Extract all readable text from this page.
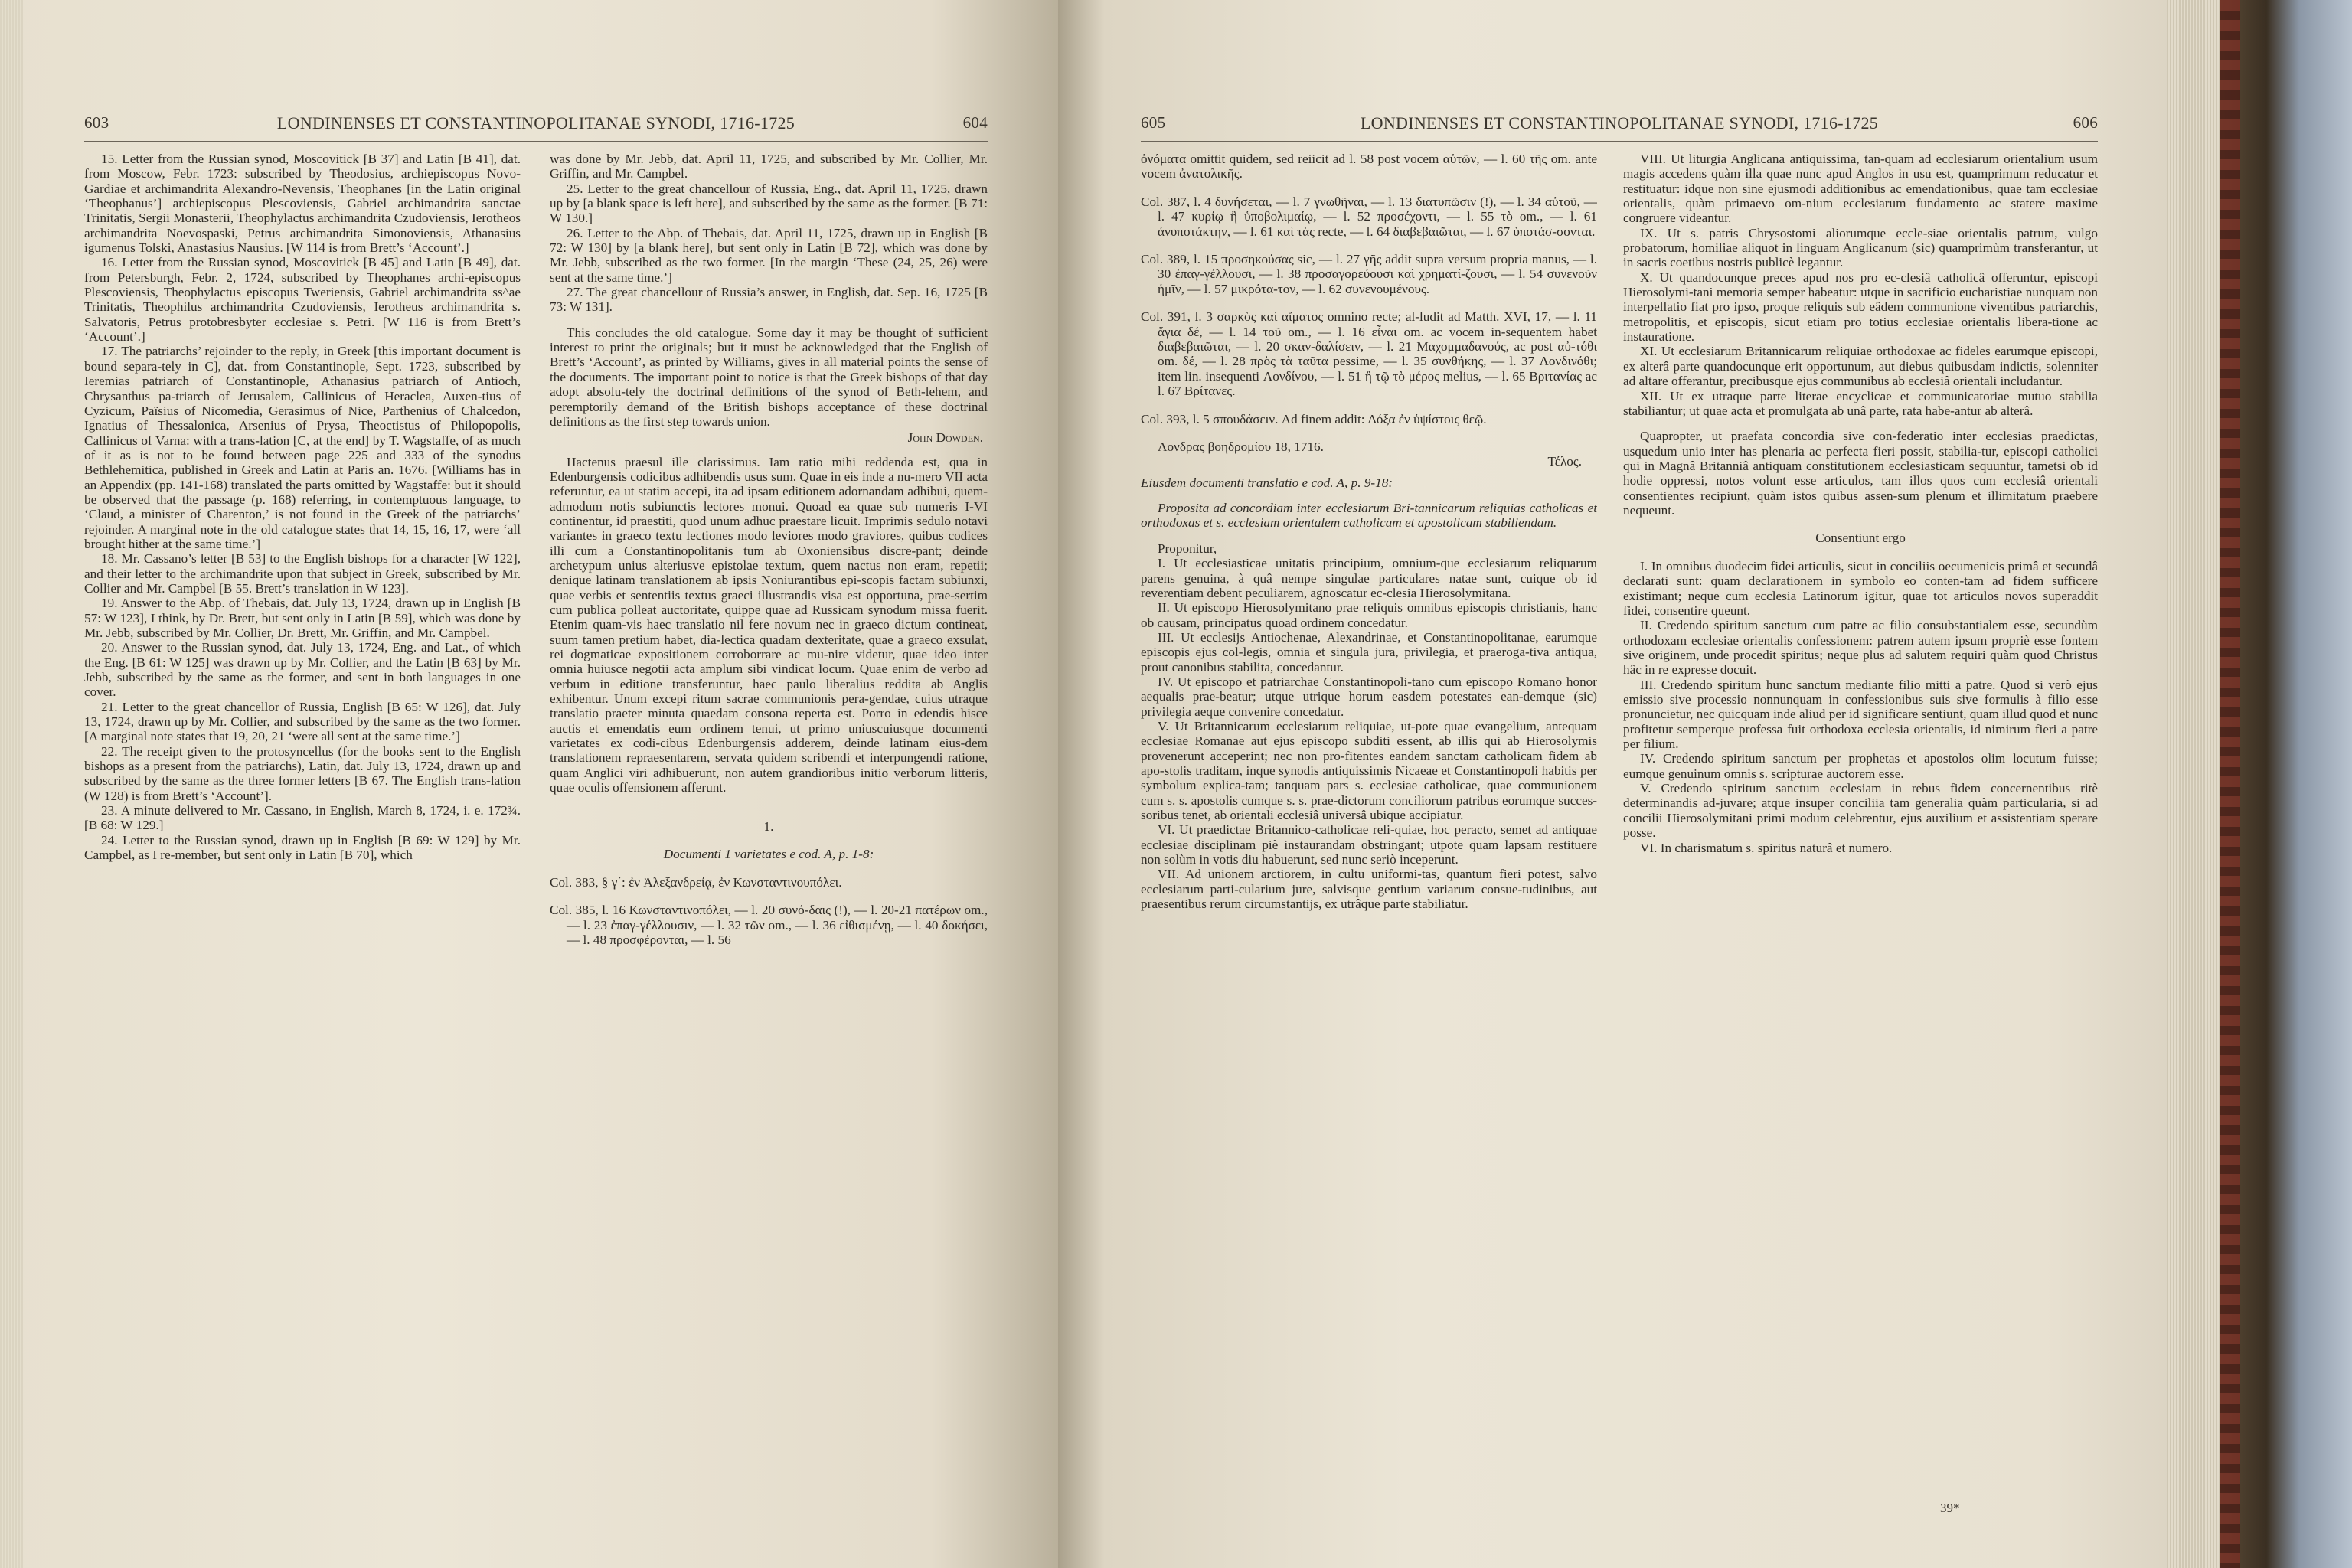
603	LONDINENSES ET CONSTANTINOPOLITANAE SYNODI, 1716-1725	604

15. Letter from the Russian synod, Moscovitick [B 37] and Latin [B 41], dat. from Moscow, Febr. 1723: subscribed by Theodosius, archiepiscopus Novo-Gardiae et archimandrita Alexandro-Nevensis, Theophanes [in the Latin original ‘Theophanus’] archiepiscopus Plescoviensis, Gabriel archimandrita sanctae Trinitatis, Sergii Monasterii, Theophylactus archimandrita Czudoviensis, Ierotheos archimandrita Noevospaski, Petrus archimandrita Simonoviensis, Athanasius igumenus Tolski, Anastasius Nausius. [W 114 is from Brett’s ‘Account’.]

16. Letter from the Russian synod, Moscovitick [B 45] and Latin [B 49], dat. from Petersburgh, Febr. 2, 1724, subscribed by Theophanes archi-episcopus Plescoviensis, Theophylactus episcopus Tweriensis, Gabriel archimandrita ss^ae Trinitatis, Theophilus archimandrita Czudoviensis, Ierotheus archimandrita s. Salvatoris, Petrus protobresbyter ecclesiae s. Petri. [W 116 is from Brett’s ‘Account’.]

17. The patriarchs’ rejoinder to the reply, in Greek [this important document is bound separa-tely in C], dat. from Constantinople, Sept. 1723, subscribed by Ieremias patriarch of Constantinople, Athanasius patriarch of Antioch, Chrysanthus pa-triarch of Jerusalem, Callinicus of Heraclea, Auxen-tius of Cyzicum, Païsius of Nicomedia, Gerasimus of Nice, Parthenius of Chalcedon, Ignatius of Thessalonica, Arsenius of Prysa, Theoctistus of Philopopolis, Callinicus of Varna: with a trans-lation [C, at the end] by T. Wagstaffe, of as much of it as is not to be found between page 225 and 333 of the synodus Bethlehemitica, published in Greek and Latin at Paris an. 1676. [Williams has in an Appendix (pp. 141-168) translated the parts omitted by Wagstaffe: but it should be observed that the passage (p. 168) referring, in contemptuous language, to ‘Claud, a minister of Charenton,’ is not found in the Greek of the patriarchs’ rejoinder. A marginal note in the old catalogue states that 14, 15, 16, 17, were ‘all brought hither at the same time.’]

18. Mr. Cassano’s letter [B 53] to the English bishops for a character [W 122], and their letter to the archimandrite upon that subject in Greek, subscribed by Mr. Collier and Mr. Campbel [B 55. Brett’s translation in W 123].

19. Answer to the Abp. of Thebais, dat. July 13, 1724, drawn up in English [B 57: W 123], I think, by Dr. Brett, but sent only in Latin [B 59], which was done by Mr. Jebb, subscribed by Mr. Collier, Dr. Brett, Mr. Griffin, and Mr. Campbel.

20. Answer to the Russian synod, dat. July 13, 1724, Eng. and Lat., of which the Eng. [B 61: W 125] was drawn up by Mr. Collier, and the Latin [B 63] by Mr. Jebb, subscribed by the same as the former, and sent in both languages in one cover.

21. Letter to the great chancellor of Russia, English [B 65: W 126], dat. July 13, 1724, drawn up by Mr. Collier, and subscribed by the same as the two former. [A marginal note states that 19, 20, 21 ‘were all sent at the same time.’]

22. The receipt given to the protosyncellus (for the books sent to the English bishops as a present from the patriarchs), Latin, dat. July 13, 1724, drawn up and subscribed by the same as the three former letters [B 67. The English trans-lation (W 128) is from Brett’s ‘Account’].

23. A minute delivered to Mr. Cassano, in English, March 8, 1724, i. e. 172¾. [B 68: W 129.]

24. Letter to the Russian synod, drawn up in English [B 69: W 129] by Mr. Campbel, as I re-member, but sent only in Latin [B 70], which

was done by Mr. Jebb, dat. April 11, 1725, and subscribed by Mr. Collier, Mr. Griffin, and Mr. Campbel.

25. Letter to the great chancellour of Russia, Eng., dat. April 11, 1725, drawn up by [a blank space is left here], and subscribed by the same as the former. [B 71: W 130.]

26. Letter to the Abp. of Thebais, dat. April 11, 1725, drawn up in English [B 72: W 130] by [a blank here], but sent only in Latin [B 72], which was done by Mr. Jebb, subscribed as the two former. [In the margin ‘These (24, 25, 26) were sent at the same time.’]

27. The great chancellour of Russia’s answer, in English, dat. Sep. 16, 1725 [B 73: W 131].

This concludes the old catalogue. Some day it may be thought of sufficient interest to print the originals; but it must be acknowledged that the English of Brett’s ‘Account’, as printed by Williams, gives in all material points the sense of the documents. The important point to notice is that the Greek bishops of that day adopt absolu-tely the doctrinal definitions of the synod of Beth-lehem, and peremptorily demand of the British bishops acceptance of these doctrinal definitions as the first step towards union.

John Dowden.

Hactenus praesul ille clarissimus. Iam ratio mihi reddenda est, qua in Edenburgensis codicibus adhibendis usus sum. Quae in eis inde a nu-mero VII acta referuntur, ea ut statim accepi, ita ad ipsam editionem adornandam adhibui, quem-admodum notis subiunctis lectores monui. Quoad ea quae sub numeris I-VI continentur, id praestiti, quod unum adhuc praestare licuit. Imprimis sedulo notavi variantes in graeco textu lectiones modo leviores modo graviores, quibus codices illi cum a Constantinopolitanis tum ab Oxoniensibus discre-pant; deinde archetypum unius alteriusve epistolae textum, quem nactus non eram, repetii; denique latinam translationem ab ipsis Noniurantibus epi-scopis factam subiunxi, quae verbis et sententiis textus graeci illustrandis visa est opportuna, prae-sertim cum publica polleat auctoritate, quippe quae ad Russicam synodum missa fuerit. Etenim quam-vis haec translatio nil fere novum nec in graeco dictum contineat, suum tamen pretium habet, dia-lectica quadam dexteritate, quae a graeco exsulat, rei dogmaticae expositionem corroborrare ac mu-nire videtur, quae ideo inter omnia huiusce negotii acta amplum sibi vindicat locum. Quae enim de verbo ad verbum in editione transferuntur, haec paulo liberalius reddita ab Anglis exhibentur. Unum excepi ritum sacrae communionis pera-gendae, cuius utraque translatio praeter minuta quaedam consona reperta est. Porro in edendis hisce auctis et emendatis eum ordinem tenui, ut primo uniuscuiusque documenti varietates ex codi-cibus Edenburgensis adderem, deinde latinam eius-dem translationem repraesentarem, servata quidem scribendi et interpungendi ratione, quam Anglici viri adhibuerunt, non autem grandioribus initio verborum litteris, quae oculis offensionem afferunt.

1.

Documenti 1 varietates e cod. A, p. 1-8:

Col. 383, § γ΄: ἐν Ἀλεξανδρείᾳ, ἐν Κωνσταντινουπόλει.

Col. 385, l. 16 Κωνσταντινοπόλει, — l. 20 συνό-δαις (!), — l. 20-21 πατέρων om., — l. 23 ἐπαγ-γέλλουσιν, — l. 32 τῶν om., — l. 36 εἰθισμένῃ, — l. 40 δοκήσει, — l. 48 προσφέρονται, — l. 56

605	LONDINENSES ET CONSTANTINOPOLITANAE SYNODI, 1716-1725	606

ὀνόματα omittit quidem, sed reiicit ad l. 58 post vocem αὐτῶν, — l. 60 τῆς om. ante vocem ἀνατολικῆς.

Col. 387, l. 4 δυνήσεται, — l. 7 γνωθῆναι, — l. 13 διατυπῶσιν (!), — l. 34 αὐτοῦ, — l. 47 κυρίῳ ἢ ὑποβολιμαίῳ, — l. 52 προσέχοντι, — l. 55 τὸ om., — l. 61 ἀνυποτάκτην, — l. 61 καὶ τὰς recte, — l. 64 διαβεβαιῶται, — l. 67 ὑποτάσ-σονται.

Col. 389, l. 15 προσηκούσας sic, — l. 27 γῆς addit supra versum propria manus, — l. 30 ἐπαγ-γέλλουσι, — l. 38 προσαγορεύουσι καὶ χρηματί-ζουσι, — l. 54 συνενοῦν ἡμῖν, — l. 57 μικρότα-τον, — l. 62 συνενουμένους.

Col. 391, l. 3 σαρκὸς καὶ αἵματος omnino recte; al-ludit ad Matth. XVI, 17, — l. 11 ἅγια δέ, — l. 14 τοῦ om., — l. 16 εἶναι om. ac vocem in-sequentem habet διαβεβαιῶται, — l. 20 σκαν-δαλίσειν, — l. 21 Μαχομμαδανούς, ac post αὐ-τόθι om. δέ, — l. 28 πρὸς τὰ ταῦτα pessime, — l. 35 συνθήκης, — l. 37 Λονδινόθι; item lin. insequenti Λονδίνου, — l. 51 ἢ τῷ τὸ μέρος melius, — l. 65 Βριτανίας ac l. 67 Βρίτανες.

Col. 393, l. 5 σπουδάσειν. Ad finem addit: Δόξα ἐν ὑψίστοις θεῷ.

Λονδρας βοηδρομίου 18, 1716.

Τέλος.

Eiusdem documenti translatio e cod. A, p. 9-18:

Proposita ad concordiam inter ecclesiarum Bri-tannicarum reliquias catholicas et orthodoxas et s. ecclesiam orientalem catholicam et apostolicam stabiliendam.

Proponitur,

I. Ut ecclesiasticae unitatis principium, omnium-que ecclesiarum reliquarum parens genuina, à quâ nempe singulae particulares natae sunt, cuique ob id reverentiam debent peculiarem, agnoscatur ec-clesia Hierosolymitana.

II. Ut episcopo Hierosolymitano prae reliquis omnibus episcopis christianis, hanc ob causam, principatus quoad ordinem concedatur.

III. Ut ecclesijs Antiochenae, Alexandrinae, et Constantinopolitanae, earumque episcopis ejus col-legis, omnia et singula jura, privilegia, et praeroga-tiva antiqua, prout canonibus stabilita, concedantur.

IV. Ut episcopo et patriarchae Constantinopoli-tano cum episcopo Romano honor aequalis prae-beatur; utque utrique horum easdem potestates ean-demque (sic) privilegia aeque convenire concedatur.

V. Ut Britannicarum ecclesiarum reliquiae, ut-pote quae evangelium, antequam ecclesiae Romanae aut ejus episcopo subditi essent, ab illis qui ab Hierosolymis provenerunt acceperint; nec non pro-fitentes eandem sanctam catholicam fidem ab apo-stolis traditam, inque synodis antiquissimis Nicaeae et Constantinopoli habitis per symbolum explica-tam; tanquam pars s. ecclesiae catholicae, quae communionem cum s. s. apostolis cumque s. s. prae-dictorum conciliorum patribus eorumque succes-soribus tenet, ab orientali ecclesiâ universâ ubique accipiatur.

VI. Ut praedictae Britannico-catholicae reli-quiae, hoc peracto, semet ad antiquae ecclesiae disciplinam piè instaurandam obstringant; utpote quam lapsam restituere non solùm in votis diu habuerunt, sed nunc seriò inceperunt.

VII. Ad unionem arctiorem, in cultu uniformi-tas, quantum fieri potest, salvo ecclesiarum parti-cularium jure, salvisque gentium variarum consue-tudinibus, aut praesentibus rerum circumstantijs, ex utrâque parte stabiliatur.

VIII. Ut liturgia Anglicana antiquissima, tan-quam ad ecclesiarum orientalium usum magis accedens quàm illa quae nunc apud Anglos in usu est, quamprimum reducatur et restituatur: idque non sine ejusmodi additionibus ac emendationibus, quae tam ecclesiae orientalis, quàm primaevo om-nium ecclesiarum fundamento ac statere maxime congruere videantur.

IX. Ut s. patris Chrysostomi aliorumque eccle-siae orientalis patrum, vulgo probatorum, homiliae aliquot in linguam Anglicanum (sic) quamprimùm transferantur, ut in sacris coetibus nostris publicè legantur.

X. Ut quandocunque preces apud nos pro ec-clesiâ catholicâ offeruntur, episcopi Hierosolymi-tani memoria semper habeatur: utque in sacrificio eucharistiae nunquam non interpellatio fiat pro ipso, proque reliquis sub eâdem communione viventibus patriarchis, metropolitis, et episcopis, sicut etiam pro totius ecclesiae orientalis libera-tione ac instauratione.

XI. Ut ecclesiarum Britannicarum reliquiae orthodoxae ac fideles earumque episcopi, ex alterâ parte quandocunque erit opportunum, aut diebus quibusdam indictis, solenniter ad altare offerantur, precibusque ejus communibus ab ecclesiâ orientali includantur.

XII. Ut ex utraque parte literae encyclicae et communicatoriae mutuo stabilia stabiliantur; ut quae acta et promulgata ab unâ parte, rata habe-antur ab alterâ.

Quapropter, ut praefata concordia sive con-federatio inter ecclesias praedictas, usquedum unio inter has plenaria ac perfecta fieri possit, stabilia-tur, episcopi catholici qui in Magnâ Britanniâ antiquam constitutionem ecclesiasticam sequuntur, tametsi ob id hodie oppressi, notos volunt esse articulos, tam illos quos cum ecclesiâ orientali consentientes recipiunt, quàm istos quibus assen-sum plenum et illimitatum praebere nequeunt.

Consentiunt ergo

I. In omnibus duodecim fidei articulis, sicut in conciliis oecumenicis primâ et secundâ declarati sunt: quam declarationem in symbolo eo conten-tam ad fidem sufficere existimant; neque cum ecclesia Latinorum igitur, quae tot articulos novos superaddit fidei, consentire queunt.

II. Credendo spiritum sanctum cum patre ac filio consubstantialem esse, secundùm orthodoxam ecclesiae orientalis confessionem: patrem autem ipsum propriè esse fontem sive originem, unde procedit spiritus; neque plus ad salutem requiri quàm quod Christus hâc in re expresse docuit.

III. Credendo spiritum hunc sanctum mediante filio mitti a patre. Quod si verò ejus emissio sive processio nonnunquam in confessionibus suis sive formulis à filio esse pronuncietur, nec quicquam inde aliud per id significare sentiunt, quam illud quod et nunc profitetur semperque professa fuit orthodoxa ecclesia orientalis, id nimirum fieri a patre per filium.

IV. Credendo spiritum sanctum per prophetas et apostolos olim locutum fuisse; eumque genuinum omnis s. scripturae auctorem esse.

V. Credendo spiritum sanctum ecclesiam in rebus fidem concernentibus ritè determinandis ad-juvare; atque insuper conciliia tam generalia quàm particularia, si ad concilii Hierosolymitani primi modum celebrentur, ejus auxilium et assistentiam sperare posse.

VI. In charismatum s. spiritus naturâ et numero.

39*
